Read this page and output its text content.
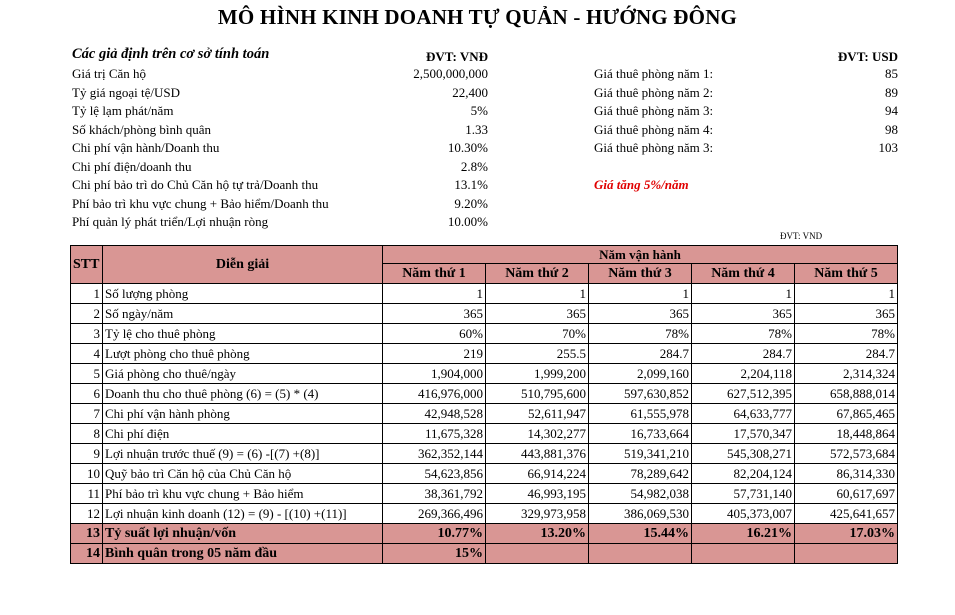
MÔ HÌNH KINH DOANH TỰ QUẢN - HƯỚNG ĐÔNG
Các giả định trên cơ sở tính toán	ĐVT: VNĐ	ĐVT: USD
Giá trị Căn hộ	2,500,000,000
Tỷ giá ngoại tệ/USD	22,400
Tỷ lệ lạm phát/năm	5%
Số khách/phòng bình quân	1.33
Chi phí vận hành/Doanh thu	10.30%
Chi phí điện/doanh thu	2.8%
Chi phí bảo trì do Chủ Căn hộ tự trả/Doanh thu	13.1%
Phí bảo trì khu vực chung + Bảo hiểm/Doanh thu	9.20%
Phí quản lý phát triển/Lợi nhuận ròng	10.00%
Giá thuê phòng năm 1:	85
Giá thuê phòng năm 2:	89
Giá thuê phòng năm 3:	94
Giá thuê phòng năm 4:	98
Giá thuê phòng năm 3:	103
Giá tăng 5%/năm
ĐVT: VND
STT	Diễn giải	Năm vận hành				
		Năm thứ 1	Năm thứ 2	Năm thứ 3	Năm thứ 4	Năm thứ 5
1	Số lượng phòng	1	1	1	1	1
2	Số ngày/năm	365	365	365	365	365
3	Tỷ lệ cho thuê phòng	60%	70%	78%	78%	78%
4	Lượt phòng cho thuê phòng	219	255.5	284.7	284.7	284.7
5	Giá phòng cho thuê/ngày	1,904,000	1,999,200	2,099,160	2,204,118	2,314,324
6	Doanh thu cho thuê phòng (6) = (5) * (4)	416,976,000	510,795,600	597,630,852	627,512,395	658,888,014
7	Chi phí vận hành phòng	42,948,528	52,611,947	61,555,978	64,633,777	67,865,465
8	Chi phí điện	11,675,328	14,302,277	16,733,664	17,570,347	18,448,864
9	Lợi nhuận trước thuế (9) = (6) -[(7) +(8)]	362,352,144	443,881,376	519,341,210	545,308,271	572,573,684
10	Quỹ bảo trì Căn hộ của Chủ Căn hộ	54,623,856	66,914,224	78,289,642	82,204,124	86,314,330
11	Phí bảo trì khu vực chung + Bảo hiểm	38,361,792	46,993,195	54,982,038	57,731,140	60,617,697
12	Lợi nhuận kinh doanh (12) = (9) - [(10) +(11)]	269,366,496	329,973,958	386,069,530	405,373,007	425,641,657
13	Tỷ suất lợi nhuận/vốn	10.77%	13.20%	15.44%	16.21%	17.03%
14	Bình quân trong 05 năm đầu	15%				
